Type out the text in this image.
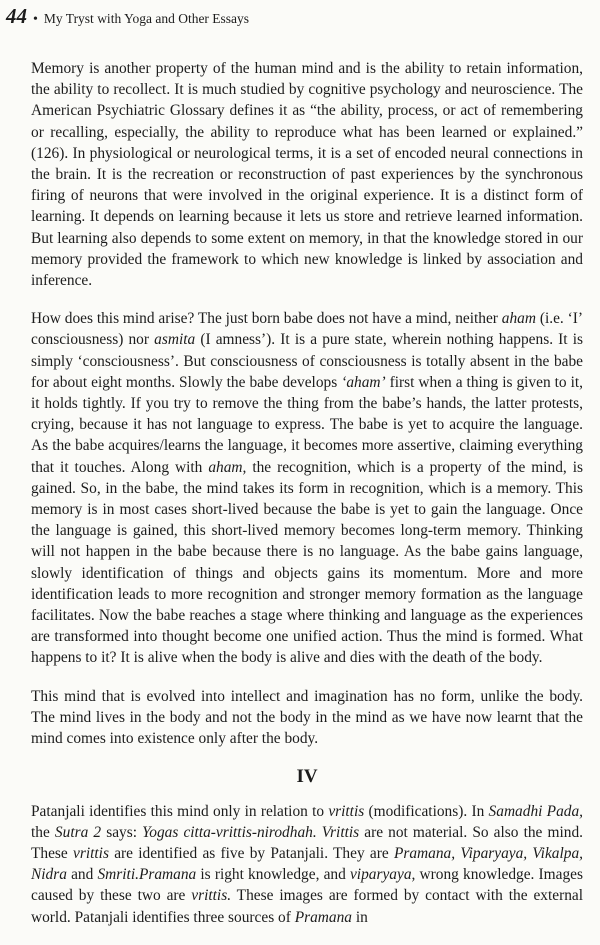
44 • My Tryst with Yoga and Other Essays

Memory is another property of the human mind and is the ability to retain information, the ability to recollect. It is much studied by cognitive psychology and neuroscience. The American Psychiatric Glossary defines it as “the ability, process, or act of remembering or recalling, especially, the ability to reproduce what has been learned or explained.” (126). In physiological or neurological terms, it is a set of encoded neural connections in the brain. It is the recreation or reconstruction of past experiences by the synchronous firing of neurons that were involved in the original experience. It is a distinct form of learning. It depends on learning because it lets us store and retrieve learned information. But learning also depends to some extent on memory, in that the knowledge stored in our memory provided the framework to which new knowledge is linked by association and inference.

How does this mind arise? The just born babe does not have a mind, neither aham (i.e. ‘I’ consciousness) nor asmita (I amness’). It is a pure state, wherein nothing happens. It is simply ‘consciousness’. But consciousness of consciousness is totally absent in the babe for about eight months. Slowly the babe develops ‘aham’ first when a thing is given to it, it holds tightly. If you try to remove the thing from the babe’s hands, the latter protests, crying, because it has not language to express. The babe is yet to acquire the language. As the babe acquires/learns the language, it becomes more assertive, claiming everything that it touches. Along with aham, the recognition, which is a property of the mind, is gained. So, in the babe, the mind takes its form in recognition, which is a memory. This memory is in most cases short-lived because the babe is yet to gain the language. Once the language is gained, this short-lived memory becomes long-term memory. Thinking will not happen in the babe because there is no language. As the babe gains language, slowly identification of things and objects gains its momentum. More and more identification leads to more recognition and stronger memory formation as the language facilitates. Now the babe reaches a stage where thinking and language as the experiences are transformed into thought become one unified action. Thus the mind is formed. What happens to it? It is alive when the body is alive and dies with the death of the body.

This mind that is evolved into intellect and imagination has no form, unlike the body. The mind lives in the body and not the body in the mind as we have now learnt that the mind comes into existence only after the body.

IV

Patanjali identifies this mind only in relation to vrittis (modifications). In Samadhi Pada, the Sutra 2 says: Yogas citta-vrittis-nirodhah. Vrittis are not material. So also the mind. These vrittis are identified as five by Patanjali. They are Pramana, Viparyaya, Vikalpa, Nidra and Smriti.Pramana is right knowledge, and viparyaya, wrong knowledge. Images caused by these two are vrittis. These images are formed by contact with the external world. Patanjali identifies three sources of Pramana in
